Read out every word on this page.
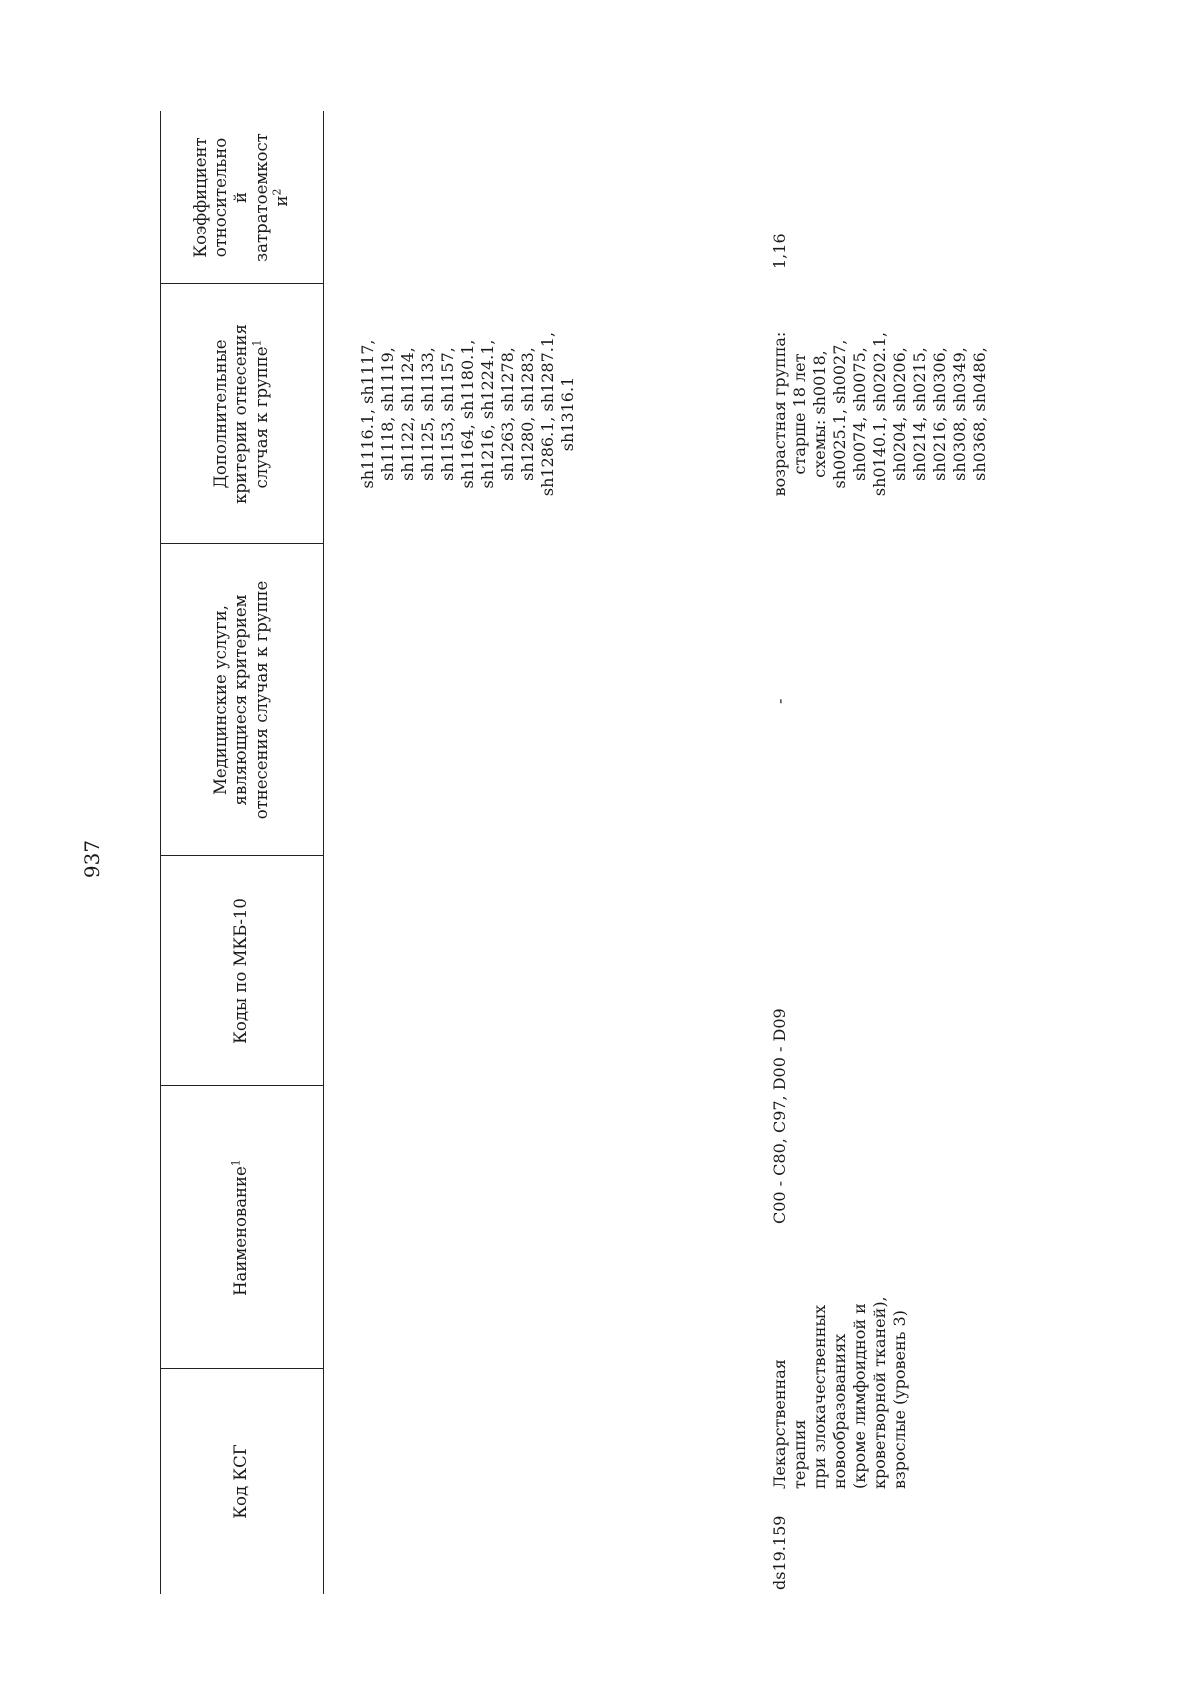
937
Код КСГ
Наименование$^1$
Коды по МКБ-10
Медицинские услуги, являющиеся критерием отнесения случая к группе
Дополнительные критерии отнесения случая к группе$^1$
Коэффициент относительно й затратоемкост $и^2$
sh1116.1, sh1117, sh1118, sh1119, sh1122, sh1124, sh1125, sh1133, sh1153, sh1157, sh1164, sh1180.1, sh1216, sh1224.1, sh1263, sh1278, sh1280, sh1283, sh1286.1, sh1287.1, sh1316.1
ds19.159
Лекарственная терапия при злокачественных новообразованиях (кроме лимфоидной и кроветворной тканей), взрослые (уровень 3)
C00 - C80, C97, D00 - D09
-
возрастная группа: старше 18 лет схемы: sh0018, sh0025.1, sh0027, sh0074, sh0075, sh0140.1, sh0202.1, sh0204, sh0206, sh0214, sh0215, sh0216, sh0306, sh0308, sh0349, sh0368, sh0486,
1,16
